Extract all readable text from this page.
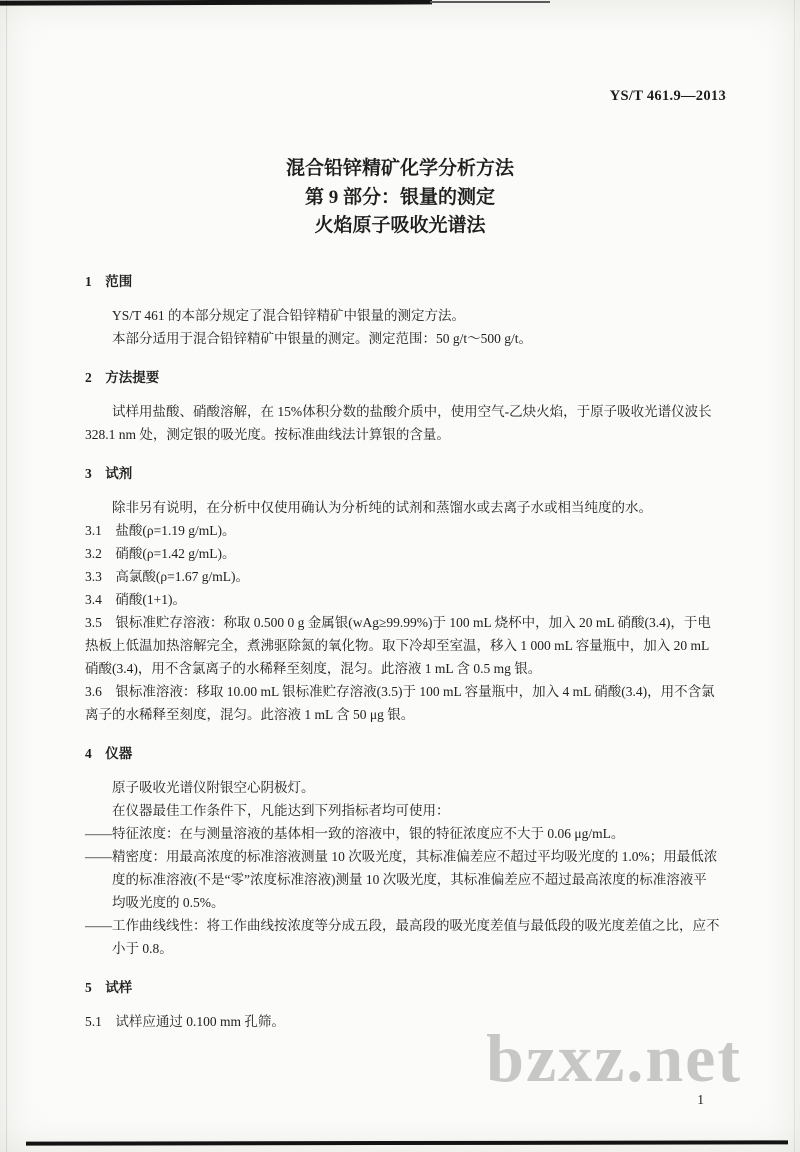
YS/T 461.9—2013
混合铅锌精矿化学分析方法
第 9 部分：银量的测定
火焰原子吸收光谱法
1　范围

YS/T 461 的本部分规定了混合铅锌精矿中银量的测定方法。

本部分适用于混合铅锌精矿中银量的测定。测定范围：50 g/t～500 g/t。

2　方法提要

试样用盐酸、硝酸溶解，在 15%体积分数的盐酸介质中，使用空气-乙炔火焰，于原子吸收光谱仪波长 328.1 nm 处，测定银的吸光度。按标准曲线法计算银的含量。

3　试剂

除非另有说明，在分析中仅使用确认为分析纯的试剂和蒸馏水或去离子水或相当纯度的水。

3.1　盐酸(ρ=1.19 g/mL)。

3.2　硝酸(ρ=1.42 g/mL)。

3.3　高氯酸(ρ=1.67 g/mL)。

3.4　硝酸(1+1)。

3.5　银标准贮存溶液：称取 0.500 0 g 金属银(wAg≥99.99%)于 100 mL 烧杯中，加入 20 mL 硝酸(3.4)，于电热板上低温加热溶解完全，煮沸驱除氮的氧化物。取下冷却至室温，移入 1 000 mL 容量瓶中，加入 20 mL 硝酸(3.4)，用不含氯离子的水稀释至刻度，混匀。此溶液 1 mL 含 0.5 mg 银。

3.6　银标准溶液：移取 10.00 mL 银标准贮存溶液(3.5)于 100 mL 容量瓶中，加入 4 mL 硝酸(3.4)，用不含氯离子的水稀释至刻度，混匀。此溶液 1 mL 含 50 μg 银。

4　仪器

原子吸收光谱仪附银空心阴极灯。

在仪器最佳工作条件下，凡能达到下列指标者均可使用：

——特征浓度：在与测量溶液的基体相一致的溶液中，银的特征浓度应不大于 0.06 μg/mL。

——精密度：用最高浓度的标准溶液测量 10 次吸光度，其标准偏差应不超过平均吸光度的 1.0%；用最低浓度的标准溶液(不是“零”浓度标准溶液)测量 10 次吸光度，其标准偏差应不超过最高浓度的标准溶液平均吸光度的 0.5%。

——工作曲线线性：将工作曲线按浓度等分成五段，最高段的吸光度差值与最低段的吸光度差值之比，应不小于 0.8。

5　试样

5.1　试样应通过 0.100 mm 孔筛。	bzxz.net
1
